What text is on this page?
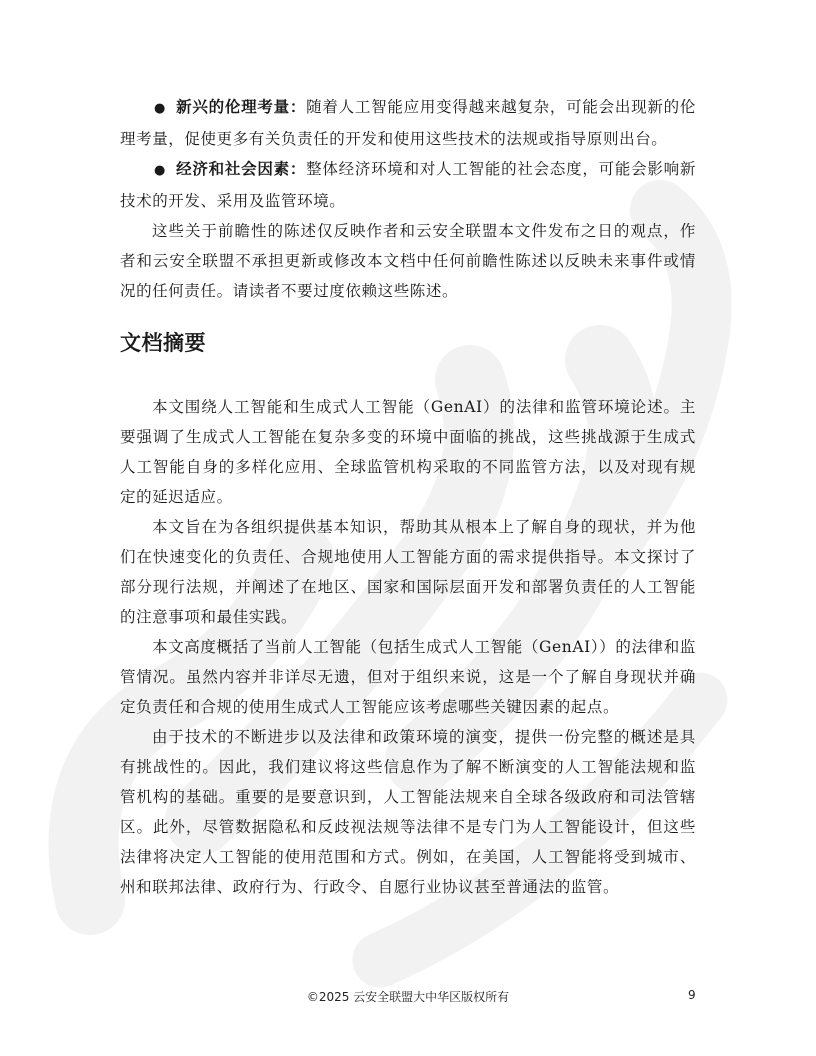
● 新兴的伦理考量：随着人工智能应用变得越来越复杂，可能会出现新的伦理考量，促使更多有关负责任的开发和使用这些技术的法规或指导原则出台。

● 经济和社会因素：整体经济环境和对人工智能的社会态度，可能会影响新技术的开发、采用及监管环境。

这些关于前瞻性的陈述仅反映作者和云安全联盟本文件发布之日的观点，作者和云安全联盟不承担更新或修改本文档中任何前瞻性陈述以反映未来事件或情况的任何责任。请读者不要过度依赖这些陈述。

文档摘要

本文围绕人工智能和生成式人工智能（GenAI）的法律和监管环境论述。主要强调了生成式人工智能在复杂多变的环境中面临的挑战，这些挑战源于生成式人工智能自身的多样化应用、全球监管机构采取的不同监管方法，以及对现有规定的延迟适应。

本文旨在为各组织提供基本知识，帮助其从根本上了解自身的现状，并为他们在快速变化的负责任、合规地使用人工智能方面的需求提供指导。本文探讨了部分现行法规，并阐述了在地区、国家和国际层面开发和部署负责任的人工智能的注意事项和最佳实践。

本文高度概括了当前人工智能（包括生成式人工智能（GenAI））的法律和监管情况。虽然内容并非详尽无遗，但对于组织来说，这是一个了解自身现状并确定负责任和合规的使用生成式人工智能应该考虑哪些关键因素的起点。

由于技术的不断进步以及法律和政策环境的演变，提供一份完整的概述是具有挑战性的。因此，我们建议将这些信息作为了解不断演变的人工智能法规和监管机构的基础。重要的是要意识到，人工智能法规来自全球各级政府和司法管辖区。此外，尽管数据隐私和反歧视法规等法律不是专门为人工智能设计，但这些法律将决定人工智能的使用范围和方式。例如，在美国，人工智能将受到城市、州和联邦法律、政府行为、行政令、自愿行业协议甚至普通法的监管。

©2025 云安全联盟大中华区版权所有	9
